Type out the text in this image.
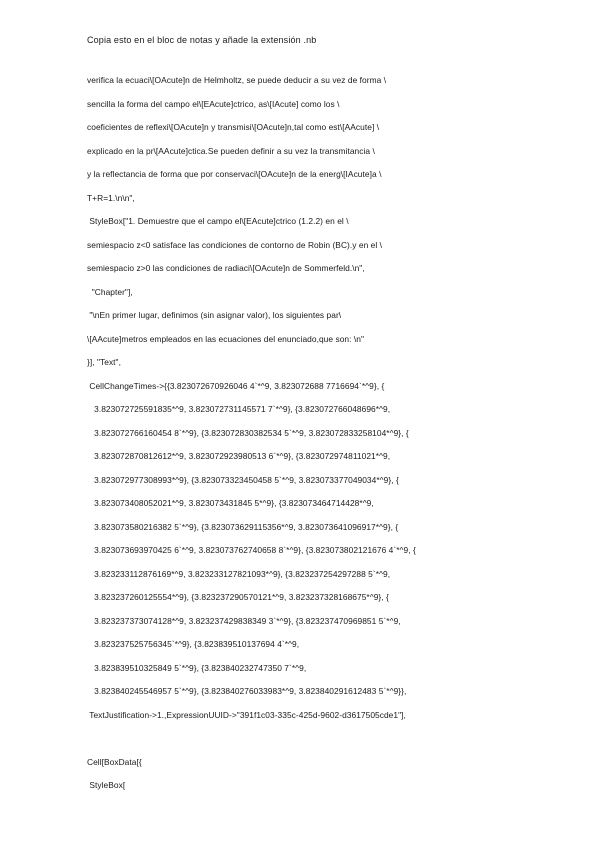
Copia esto en el bloc de notas y añade la extensión .nb
verifica la ecuaci\[OAcute]n de Helmholtz, se puede deducir a su vez de forma \
sencilla la forma del campo el\[EAcute]ctrico, as\[IAcute] como los \
coeficientes de reflexi\[OAcute]n y transmisi\[OAcute]n,tal como est\[AAcute] \
explicado en la pr\[AAcute]ctica.Se pueden definir a su vez la transmitancia \
y la reflectancia de forma que por conservaci\[OAcute]n de la energ\[IAcute]a \
T+R=1.\n\n",
StyleBox["1. Demuestre que el campo el\[EAcute]ctrico (1.2.2) en el \
semiespacio z<0 satisface las condiciones de contorno de Robin (BC).y en el \
semiespacio z>0 las condiciones de radiaci\[OAcute]n de Sommerfeld.\n",
"Chapter"],
"\nEn primer lugar, definimos (sin asignar valor), los siguientes par\
\[AAcute]metros empleados en las ecuaciones del enunciado,que son: \n"
}], "Text",
CellChangeTimes->{{3.823072670926046 4`*^9, 3.823072688 7716694`*^9}, {
3.823072725591835*^9, 3.823072731145571 7`*^9}, {3.823072766048696*^9,
3.823072766160454 8`*^9}, {3.823072830382534 5`*^9, 3.823072833258104*^9}, {
3.823072870812612*^9, 3.823072923980513 6`*^9}, {3.823072974811021*^9,
3.823072977308993*^9}, {3.823073323450458 5`*^9, 3.823073377049034*^9}, {
3.823073408052021*^9, 3.823073431845 5*^9}, {3.823073464714428*^9,
3.823073580216382 5`*^9}, {3.823073629115356*^9, 3.823073641096917*^9}, {
3.823073693970425 6`*^9, 3.823073762740658 8`*^9}, {3.823073802121676 4`*^9, {
3.823233112876169*^9, 3.823233127821093*^9}, {3.823237254297288 5`*^9,
3.823237260125554*^9}, {3.823237290570121*^9, 3.823237328168675*^9}, {
3.823237373074128*^9, 3.823237429838349 3`*^9}, {3.823237470969851 5`*^9,
3.823237525756345`*^9}, {3.823839510137694 4`*^9,
3.823839510325849 5`*^9}, {3.823840232747350 7`*^9,
3.823840245546957 5`*^9}, {3.823840276033983*^9, 3.823840291612483 5`*^9}},
TextJustification->1.,ExpressionUUID->"391f1c03-335c-425d-9602-d3617505cde1"],
Cell[BoxData[{
StyleBox[
